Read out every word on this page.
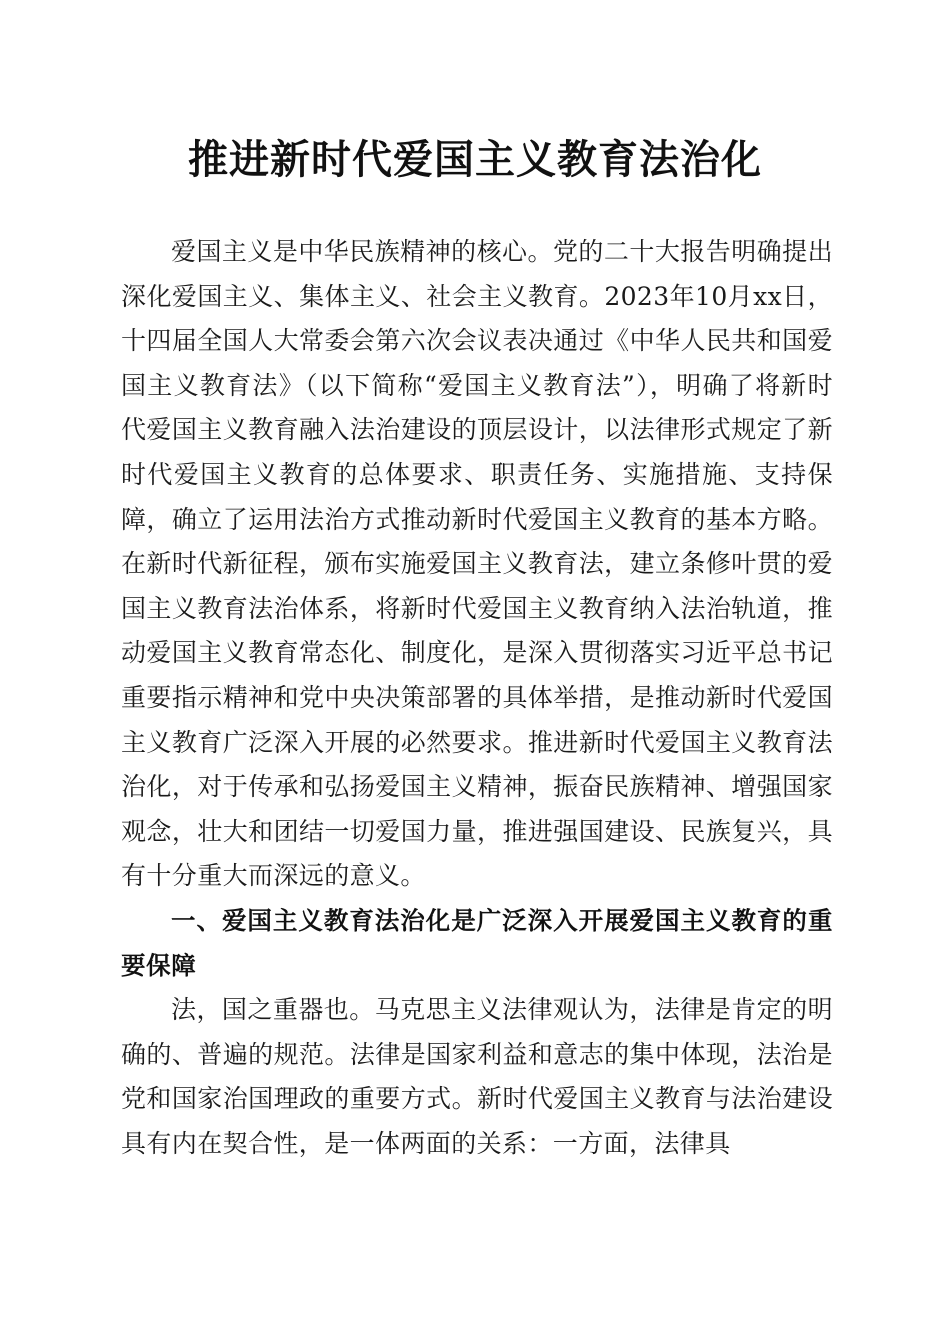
推进新时代爱国主义教育法治化

爱国主义是中华民族精神的核心。党的二十大报告明确提出深化爱国主义、集体主义、社会主义教育。2023年10月xx日，十四届全国人大常委会第六次会议表决通过《中华人民共和国爱国主义教育法》（以下简称“爱国主义教育法”），明确了将新时代爱国主义教育融入法治建设的顶层设计，以法律形式规定了新时代爱国主义教育的总体要求、职责任务、实施措施、支持保障，确立了运用法治方式推动新时代爱国主义教育的基本方略。在新时代新征程，颁布实施爱国主义教育法，建立条修叶贯的爱国主义教育法治体系，将新时代爱国主义教育纳入法治轨道，推动爱国主义教育常态化、制度化，是深入贯彻落实习近平总书记重要指示精神和党中央决策部署的具体举措，是推动新时代爱国主义教育广泛深入开展的必然要求。推进新时代爱国主义教育法治化，对于传承和弘扬爱国主义精神，振奋民族精神、增强国家观念，壮大和团结一切爱国力量，推进强国建设、民族复兴，具有十分重大而深远的意义。

一、爱国主义教育法治化是广泛深入开展爱国主义教育的重要保障

法，国之重器也。马克思主义法律观认为，法律是肯定的明确的、普遍的规范。法律是国家利益和意志的集中体现，法治是党和国家治国理政的重要方式。新时代爱国主义教育与法治建设具有内在契合性，是一体两面的关系：一方面，法律具
